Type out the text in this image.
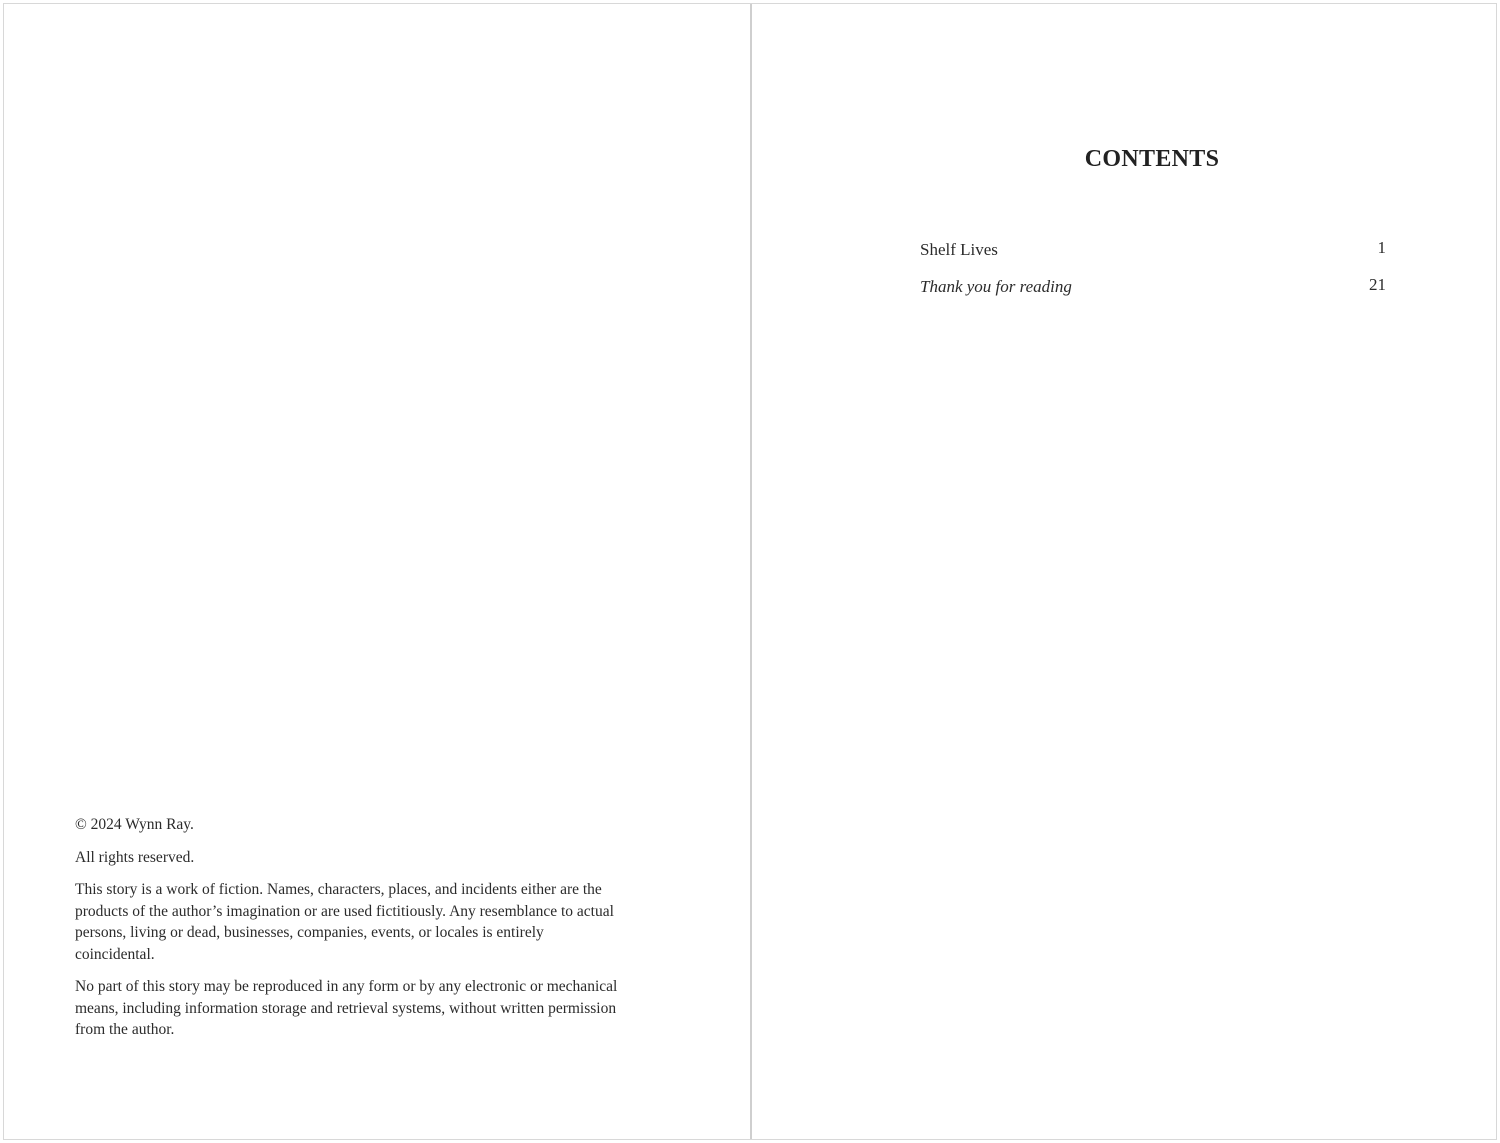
© 2024 Wynn Ray.

All rights reserved.

This story is a work of fiction. Names, characters, places, and incidents either are the products of the author’s imagination or are used fictitiously. Any resemblance to actual persons, living or dead, businesses, companies, events, or locales is entirely coincidental.

No part of this story may be reproduced in any form or by any electronic or mechanical means, including information storage and retrieval systems, without written permission from the author.

CONTENTS
Shelf Lives	1
Thank you for reading	21
